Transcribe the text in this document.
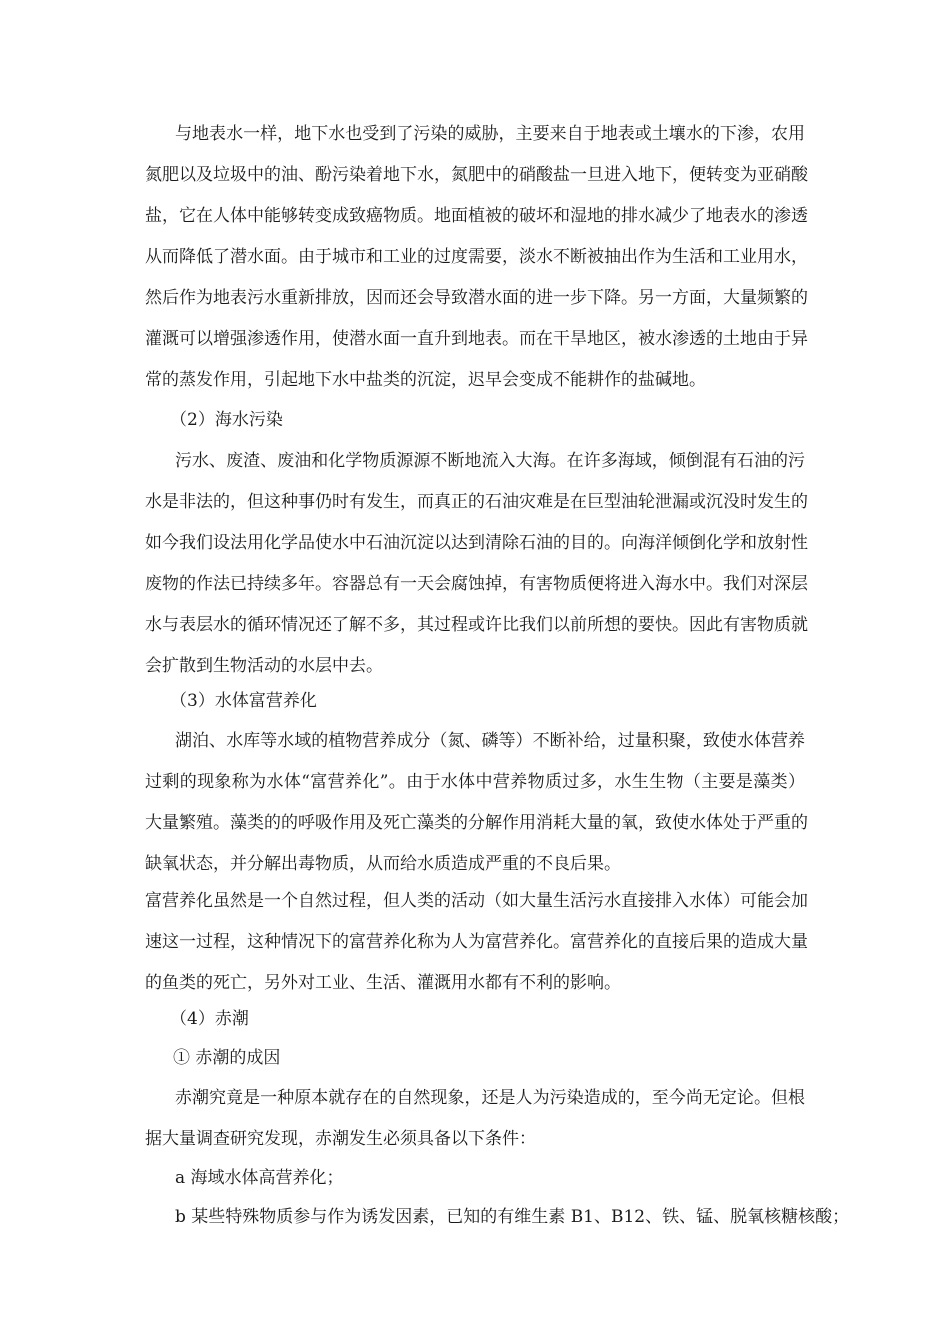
与地表水一样，地下水也受到了污染的威胁，主要来自于地表或土壤水的下渗，农用
氮肥以及垃圾中的油、酚污染着地下水，氮肥中的硝酸盐一旦进入地下，便转变为亚硝酸
盐，它在人体中能够转变成致癌物质。地面植被的破坏和湿地的排水减少了地表水的渗透
从而降低了潜水面。由于城市和工业的过度需要，淡水不断被抽出作为生活和工业用水，
然后作为地表污水重新排放，因而还会导致潜水面的进一步下降。另一方面，大量频繁的
灌溉可以增强渗透作用，使潜水面一直升到地表。而在干旱地区，被水渗透的土地由于异
常的蒸发作用，引起地下水中盐类的沉淀，迟早会变成不能耕作的盐碱地。
（2）海水污染
污水、废渣、废油和化学物质源源不断地流入大海。在许多海域，倾倒混有石油的污
水是非法的，但这种事仍时有发生，而真正的石油灾难是在巨型油轮泄漏或沉没时发生的
如今我们设法用化学品使水中石油沉淀以达到清除石油的目的。向海洋倾倒化学和放射性
废物的作法已持续多年。容器总有一天会腐蚀掉，有害物质便将进入海水中。我们对深层
水与表层水的循环情况还了解不多，其过程或许比我们以前所想的要快。因此有害物质就
会扩散到生物活动的水层中去。
（3）水体富营养化
湖泊、水库等水域的植物营养成分（氮、磷等）不断补给，过量积聚，致使水体营养
过剩的现象称为水体“富营养化”。由于水体中营养物质过多，水生生物（主要是藻类）
大量繁殖。藻类的的呼吸作用及死亡藻类的分解作用消耗大量的氧，致使水体处于严重的
缺氧状态，并分解出毒物质，从而给水质造成严重的不良后果。
富营养化虽然是一个自然过程，但人类的活动（如大量生活污水直接排入水体）可能会加
速这一过程，这种情况下的富营养化称为人为富营养化。富营养化的直接后果的造成大量
的鱼类的死亡，另外对工业、生活、灌溉用水都有不利的影响。
（4）赤潮
① 赤潮的成因
赤潮究竟是一种原本就存在的自然现象，还是人为污染造成的，至今尚无定论。但根
据大量调查研究发现，赤潮发生必须具备以下条件：
a 海域水体高营养化；
b 某些特殊物质参与作为诱发因素，已知的有维生素 B1、B12、铁、锰、脱氧核糖核酸；
